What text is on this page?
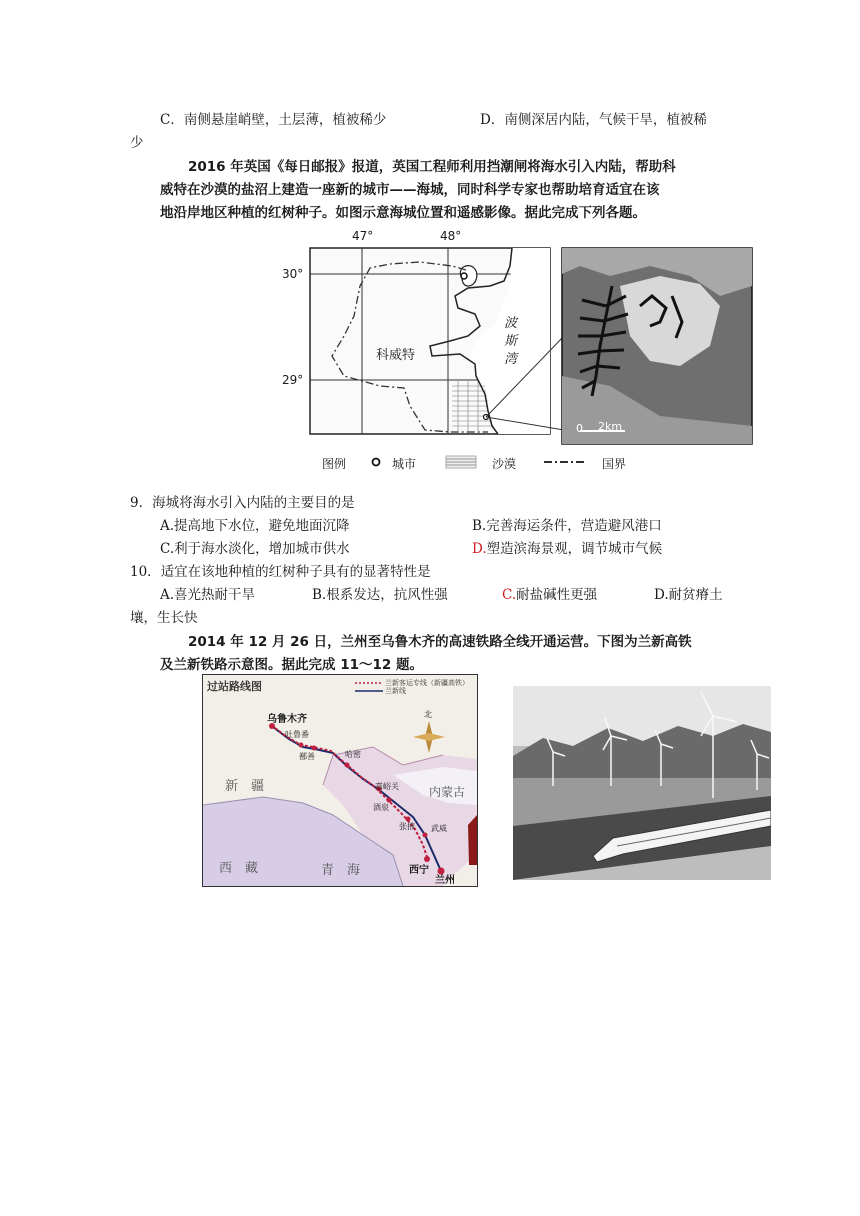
C．南侧悬崖峭壁，土层薄，植被稀少	D．南侧深居内陆，气候干旱，植被稀
少
2016 年英国《每日邮报》报道，英国工程师利用挡潮闸将海水引入内陆，帮助科
威特在沙漠的盐沼上建造一座新的城市——海城，同时科学专家也帮助培育适宜在该
地沿岸地区种植的红树种子。如图示意海城位置和遥感影像。据此完成下列各题。
47°	48°
30°
29°
科威特
波
斯
湾
0 2km
图例	城市	沙漠	国界
9．海城将海水引入内陆的主要目的是
A.提高地下水位，避免地面沉降	B.完善海运条件，营造避风港口
C.利于海水淡化，增加城市供水	D.塑造滨海景观，调节城市气候
10．适宜在该地种植的红树种子具有的显著特性是
A.喜光热耐干旱	B.根系发达，抗风性强	C.耐盐碱性更强	D.耐贫瘠土
壤，生长快
2014 年 12 月 26 日，兰州至乌鲁木齐的高速铁路全线开通运营。下图为兰新高铁
及兰新铁路示意图。据此完成 11～12 题。
过站路线图	兰新客运专线（新疆高铁）
兰新线
北
乌鲁木齐
吐鲁番
鄯善	哈密
嘉峪关
酒泉
张掖 武威
西宁
兰州
新　疆	内蒙古
西　藏	青　海
